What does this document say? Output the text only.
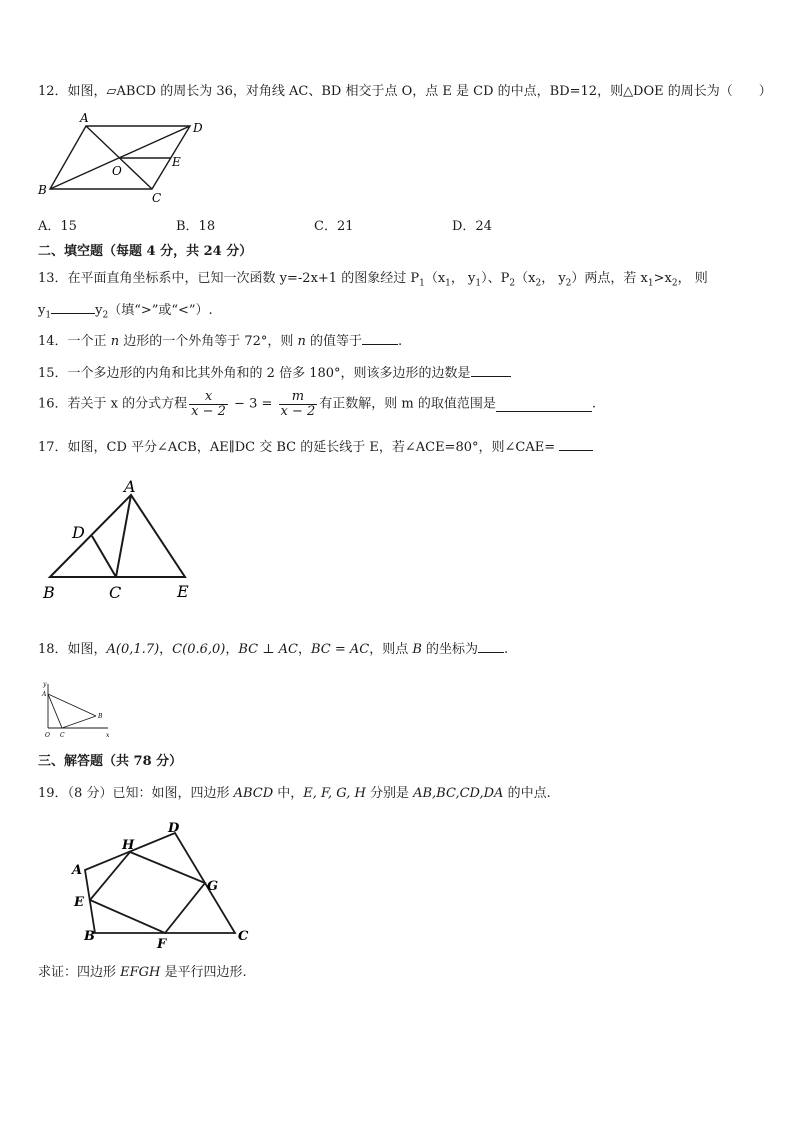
12．如图，▱ABCD 的周长为 36，对角线 AC、BD 相交于点 O，点 E 是 CD 的中点，BD=12，则△DOE 的周长为（　　）
A
D
B
C
O
E
A．15	B．18	C．21	D．24
二、填空题（每题 4 分，共 24 分）
13．在平面直角坐标系中，已知一次函数 y=-2x+1 的图象经过 $P_1(x_1$， $y_1$）、$P_2(x_2$， $y_2$）两点，若 $x_1>x_2$， 则
$y_1$	$y_2$（填“>”或“<”）.
14．一个正 n 边形的一个外角等于 72°，则 n 的值等于	.
15．一个多边形的内角和比其外角和的 2 倍多 180°，则该多边形的边数是
16．若关于 x 的分式方程 $\frac{x}{x - 2} - 3 = \frac{m}{x - 2}$ 有正数解，则 m 的取值范围是	.
17．如图，CD 平分∠ACB，AE∥DC 交 BC 的延长线于 E，若∠ACE=80°，则∠CAE=
A
D
B	C	E
18．如图，A(0,1.7)，C(0.6,0)，BC ⊥ AC，BC = AC，则点 B 的坐标为 .
y
A
O C
B
x
三、解答题（共 78 分）
19．（8 分）已知：如图，四边形 ABCD 中，E, F, G, H 分别是 AB,BC,CD,DA 的中点.
A
B	C
D
E
F
G
H
求证：四边形 EFGH 是平行四边形.
